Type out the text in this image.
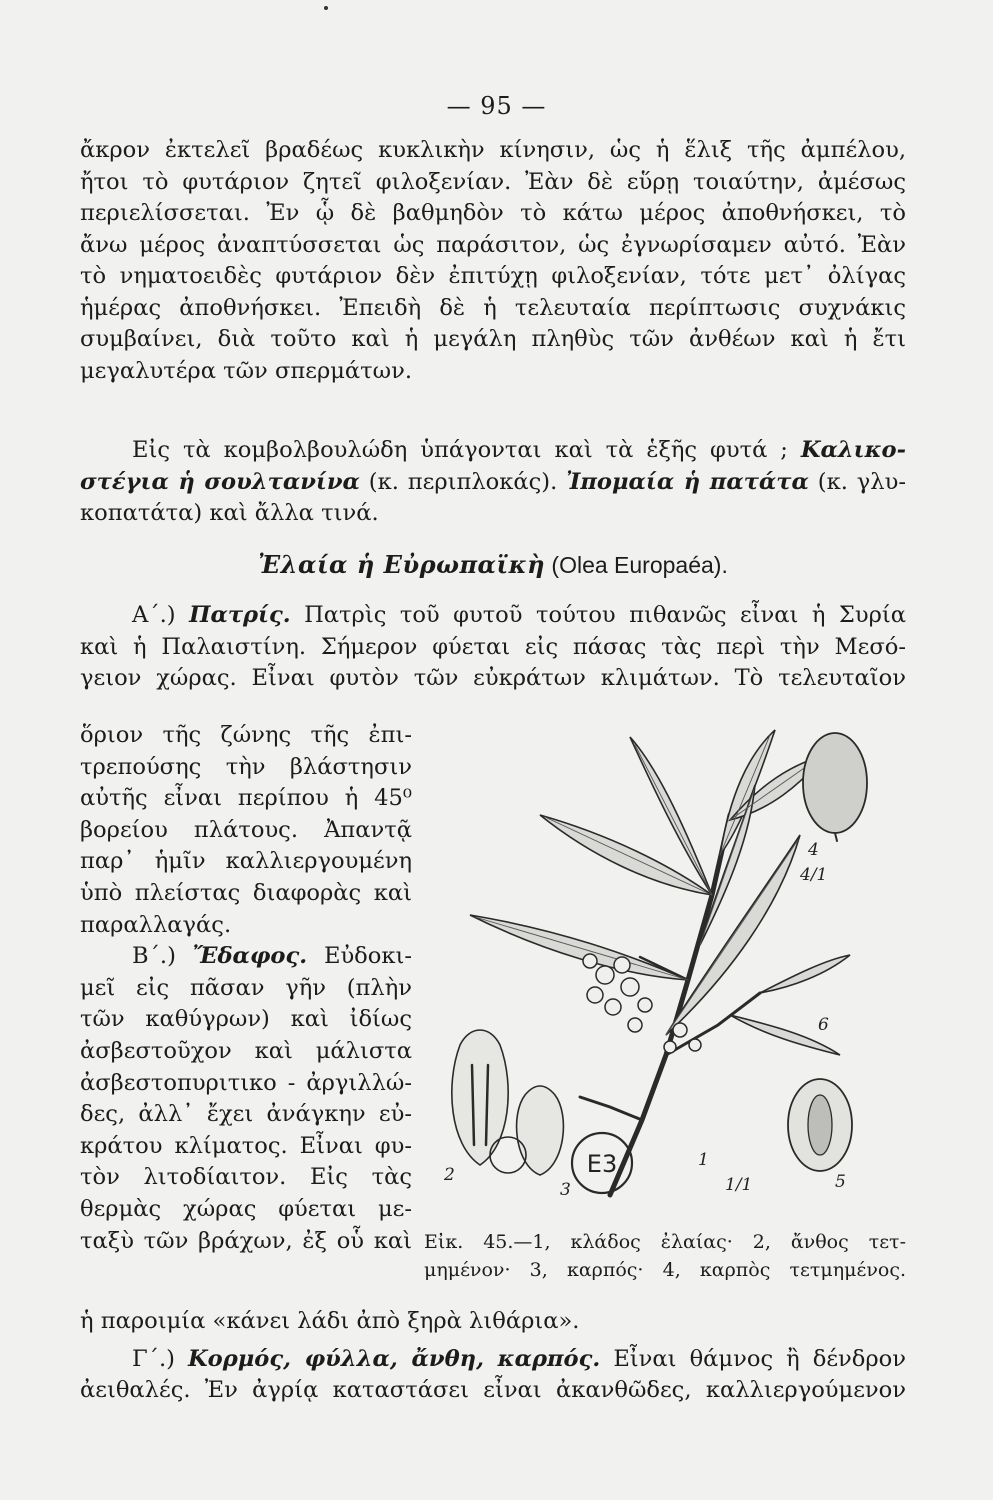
— 95 —
ἄκρον ἐκτελεῖ βραδέως κυκλικὴν κίνησιν, ὡς ἡ ἕλιξ τῆς ἀμπέλου,
ἤτοι τὸ φυτάριον ζητεῖ φιλοξενίαν. Ἐὰν δὲ εὕρῃ τοιαύτην, ἀμέσως
περιελίσσεται. Ἐν ᾧ δὲ βαθμηδὸν τὸ κάτω μέρος ἀποθνήσκει, τὸ
ἄνω μέρος ἀναπτύσσεται ὡς παράσιτον, ὡς ἐγνωρίσαμεν αὐτό. Ἐὰν
τὸ νηματοειδὲς φυτάριον δὲν ἐπιτύχῃ φιλοξενίαν, τότε μετ᾽ ὀλίγας
ἡμέρας ἀποθνήσκει. Ἐπειδὴ δὲ ἡ τελευταία περίπτωσις συχνάκις
συμβαίνει, διὰ τοῦτο καὶ ἡ μεγάλη πληθὺς τῶν ἀνθέων καὶ ἡ ἔτι
μεγαλυτέρα τῶν σπερμάτων.
Εἰς τὰ κομβολβουλώδη ὑπάγονται καὶ τὰ ἑξῆς φυτά ; Καλικο-
στέγια ἡ σουλτανίνα (κ. περιπλοκάς). Ἰπομαία ἡ πατάτα (κ. γλυ-
κοπατάτα) καὶ ἄλλα τινά.
Ἐλαία ἡ Εὐρωπαϊκὴ (Olea Europaéa).
Α΄.) Πατρίς. Πατρὶς τοῦ φυτοῦ τούτου πιθανῶς εἶναι ἡ Συρία
καὶ ἡ Παλαιστίνη. Σήμερον φύεται εἰς πάσας τὰς περὶ τὴν Μεσό-
γειον χώρας. Εἶναι φυτὸν τῶν εὐκράτων κλιμάτων. Τὸ τελευταῖον
ὅριον τῆς ζώνης τῆς ἐπι-
τρεπούσης τὴν βλάστησιν
αὐτῆς εἶναι περίπου ἡ 45⁰
βορείου πλάτους. Ἀπαντᾷ
παρ᾽ ἡμῖν καλλιεργουμένη
ὑπὸ πλείστας διαφορὰς καὶ
παραλλαγάς.
Β΄.) Ἔδαφος. Εὐδοκι-
μεῖ εἰς πᾶσαν γῆν (πλὴν
τῶν καθύγρων) καὶ ἰδίως
ἀσβεστοῦχον καὶ μάλιστα
ἀσβεστοπυριτικο - ἀργιλλώ-
δες, ἀλλ᾽ ἔχει ἀνάγκην εὐ-
κράτου κλίματος. Εἶναι φυ-
τὸν λιτοδίαιτον. Εἰς τὰς
θερμὰς χώρας φύεται με-
ταξὺ τῶν βράχων, ἐξ οὗ καὶ
1
2
3
4
5
1/1
4/1
6
Ε3
Εἰκ. 45.—1, κλάδος ἐλαίας· 2, ἄνθος τετ-
μημένον· 3, καρπός· 4, καρπὸς τετμημένος.
ἡ παροιμία «κάνει λάδι ἀπὸ ξηρὰ λιθάρια».
Γ΄.) Κορμός, φύλλα, ἄνθη, καρπός. Εἶναι θάμνος ἢ δένδρον
ἀειθαλές. Ἐν ἀγρίᾳ καταστάσει εἶναι ἀκανθῶδες, καλλιεργούμενον
